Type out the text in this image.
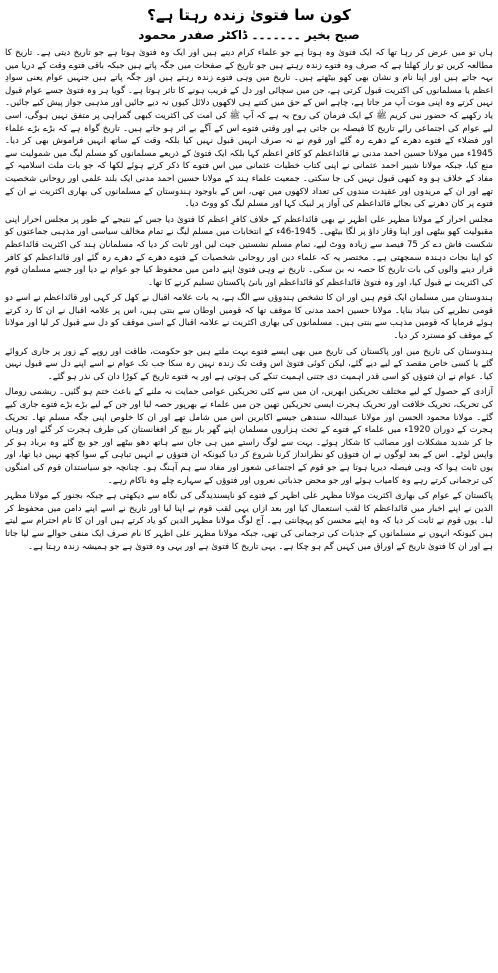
کون سا فتویٰ زندہ رہتا ہے؟
صبح بخیر ۔۔۔۔۔۔۔ ڈاکٹر صفدر محمود

ہاں تو میں عرض کر رہا تھا کہ ایک فتویٰ وہ ہوتا ہے جو علماء کرام دیتے ہیں اور ایک وہ فتویٰ ہوتا ہے جو تاریخ دیتی ہے۔ تاریخ کا مطالعہ کریں تو راز کھلتا ہے کہ صرف وہ فتوے زندہ رہتے ہیں جو تاریخ کے صفحات میں جگہ پاتے ہیں جبکہ باقی فتوے وقت کے دریا میں بہہ جاتے ہیں اور اپنا نام و نشان بھی کھو بیٹھتے ہیں۔ تاریخ میں وہی فتوے زندہ رہتے ہیں اور جگہ پاتے ہیں جنہیں عوام یعنی سوادِ اعظم یا مسلمانوں کی اکثریت قبول کرتی ہے، جن میں سچائی اور دل کے قریب ہونے کا تاثر ہوتا ہے۔ گویا ہر وہ فتویٰ جسے عوام قبول نہیں کرتے وہ اپنی موت آپ مر جاتا ہے، چاہے اس کے حق میں کتنے ہی لاکھوں دلائل کیوں نہ دیے جائیں اور مذہبی جواز پیش کیے جائیں۔ یاد رکھیے کہ حضور نبی کریم ﷺ کے ایک فرمان کی روح یہ ہے کہ آپ ﷺ کی امت کی اکثریت کبھی گمراہی پر متفق نہیں ہوگی، اسی لیے عوام کی اجتماعی رائے تاریخ کا فیصلہ بن جاتی ہے اور وقتی فتوے اس کے آگے بے اثر ہو جاتے ہیں۔ تاریخ گواہ ہے کہ بڑے بڑے علماء اور فضلاء کے فتوے دھرے کے دھرے رہ گئے اور قوم نے نہ صرف انہیں قبول نہیں کیا بلکہ وقت کے ساتھ انہیں فراموش بھی کر دیا۔ 1945ء میں مولانا حسین احمد مدنی نے قائداعظم کو کافرِ اعظم کہا بلکہ ایک فتویٰ کے ذریعے مسلمانوں کو مسلم لیگ میں شمولیت سے منع کیا، جبکہ مولانا شبیر احمد عثمانی نے اپنی کتاب خطبات عثمانی میں اس فتوے کا ذکر کرتے ہوئے لکھا کہ جو بات ملت اسلامیہ کے مفاد کے خلاف ہو وہ کبھی قبول نہیں کی جا سکتی۔ جمعیت علماء ہند کے مولانا حسین احمد مدنی ایک بلند علمی اور روحانی شخصیت تھے اور ان کے مریدوں اور عقیدت مندوں کی تعداد لاکھوں میں تھی، اس کے باوجود ہندوستان کے مسلمانوں کی بھاری اکثریت نے ان کے فتوے پر کان دھرنے کی بجائے قائداعظم کی آواز پر لبیک کہا اور مسلم لیگ کو ووٹ دیا۔

مجلس احرار کے مولانا مظہر علی اظہر نے بھی قائداعظم کے خلاف کافرِ اعظم کا فتویٰ دیا جس کے نتیجے کے طور پر مجلس احرار اپنی مقبولیت کھو بیٹھی اور اپنا وقار داؤ پر لگا بیٹھی۔ 1945-46ء کے انتخابات میں مسلم لیگ نے تمام مخالف سیاسی اور مذہبی جماعتوں کو شکست فاش دے کر 75 فیصد سے زیادہ ووٹ لیے، تمام مسلم نشستیں جیت لیں اور ثابت کر دیا کہ مسلمانان ہند کی اکثریت قائداعظم کو اپنا نجات دہندہ سمجھتی ہے۔ مختصر یہ کہ علماء دین اور روحانی شخصیات کے فتوے دھرے کے دھرے رہ گئے اور قائداعظم کو کافر قرار دینے والوں کی بات تاریخ کا حصہ نہ بن سکی۔ تاریخ نے وہی فتویٰ اپنے دامن میں محفوظ کیا جو عوام نے دیا اور جسے مسلمان قوم کی اکثریت نے قبول کیا، اور وہ فتویٰ قائداعظم کو قائداعظم اور بانیٔ پاکستان تسلیم کرنے کا تھا۔

ہندوستان میں مسلمان ایک قوم ہیں اور ان کا تشخص ہندوؤں سے الگ ہے، یہ بات علامہ اقبال نے کھل کر کہی اور قائداعظم نے اسے دو قومی نظریے کی بنیاد بنایا۔ مولانا حسین احمد مدنی کا موقف تھا کہ قومیں اوطان سے بنتی ہیں، اس پر علامہ اقبال نے ان کا رد کرتے ہوئے فرمایا کہ قومیں مذہب سے بنتی ہیں۔ مسلمانوں کی بھاری اکثریت نے علامہ اقبال کے اسی موقف کو دل سے قبول کر لیا اور مولانا کے موقف کو مسترد کر دیا۔

ہندوستان کی تاریخ میں اور پاکستان کی تاریخ میں بھی ایسے فتوے بہت ملتے ہیں جو حکومت، طاقت اور روپے کے زور پر جاری کروائے گئے یا کسی خاص مقصد کے لیے دیے گئے، لیکن کوئی فتویٰ اس وقت تک زندہ نہیں رہ سکا جب تک عوام نے اسے اپنے دل سے قبول نہیں کیا۔ عوام نے ان فتوؤں کو اسی قدر اہمیت دی جتنی اہمیت تنکے کی ہوتی ہے اور یہ فتوے تاریخ کے کوڑا دان کی نذر ہو گئے۔

آزادی کے حصول کے لیے مختلف تحریکیں ابھریں، ان میں سے کئی تحریکیں عوامی حمایت نہ ملنے کے باعث ختم ہو گئیں۔ ریشمی رومال کی تحریک، تحریک خلافت اور تحریک ہجرت ایسی تحریکیں تھیں جن میں علماء نے بھرپور حصہ لیا اور جن کے لیے بڑے بڑے فتوے جاری کیے گئے۔ مولانا محمود الحسن اور مولانا عبیداللہ سندھی جیسے اکابرین اس میں شامل تھے اور ان کا خلوص اپنی جگہ مسلم تھا۔ تحریک ہجرت کے دوران 1920ء میں علماء کے فتوے کے تحت ہزاروں مسلمان اپنے گھر بار بیچ کر افغانستان کی طرف ہجرت کر گئے اور وہاں جا کر شدید مشکلات اور مصائب کا شکار ہوئے۔ بہت سے لوگ راستے میں ہی جان سے ہاتھ دھو بیٹھے اور جو بچ گئے وہ برباد ہو کر واپس لوٹے۔ اس کے بعد لوگوں نے ان فتوؤں کو نظرانداز کرنا شروع کر دیا کیونکہ ان فتوؤں نے انہیں تباہی کے سوا کچھ نہیں دیا تھا، اور یوں ثابت ہوا کہ وہی فیصلہ دیرپا ہوتا ہے جو قوم کے اجتماعی شعور اور مفاد سے ہم آہنگ ہو۔ چنانچہ جو سیاستدان قوم کی امنگوں کی ترجمانی کرتے رہے وہ کامیاب ہوئے اور جو محض جذباتی نعروں اور فتوؤں کے سہارے چلے وہ ناکام رہے۔

پاکستان کے عوام کی بھاری اکثریت مولانا مظہر علی اظہر کے فتوے کو ناپسندیدگی کی نگاہ سے دیکھتی ہے جبکہ بجنور کے مولانا مظہر الدین نے اپنے اخبار میں قائداعظم کا لقب استعمال کیا اور بعد ازاں یہی لقب قوم نے اپنا لیا اور تاریخ نے اسے اپنے دامن میں محفوظ کر لیا۔ یوں قوم نے ثابت کر دیا کہ وہ اپنے محسن کو پہچانتی ہے۔ آج لوگ مولانا مظہر الدین کو یاد کرتے ہیں اور ان کا نام احترام سے لیتے ہیں کیونکہ انہوں نے مسلمانوں کے جذبات کی ترجمانی کی تھی، جبکہ مولانا مظہر علی اظہر کا نام صرف ایک منفی حوالے سے لیا جاتا ہے اور ان کا فتویٰ تاریخ کے اوراق میں کہیں گم ہو چکا ہے۔ یہی تاریخ کا فتویٰ ہے اور یہی وہ فتویٰ ہے جو ہمیشہ زندہ رہتا ہے۔
